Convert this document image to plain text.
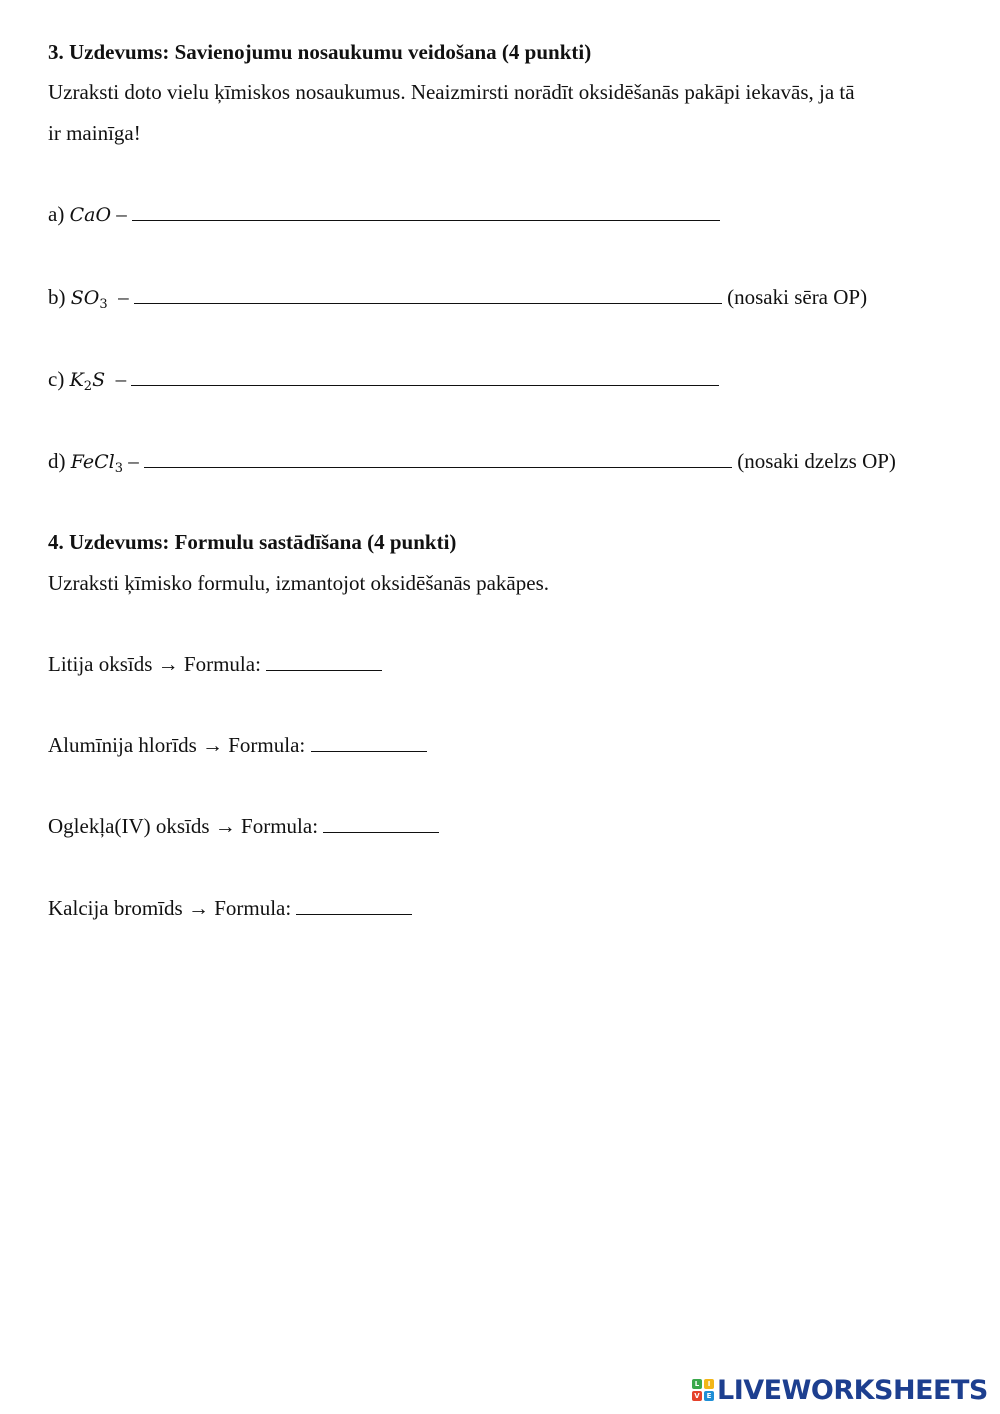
3. Uzdevums: Savienojumu nosaukumu veidošana (4 punkti)
Uzraksti doto vielu ķīmiskos nosaukumus. Neaizmirsti norādīt oksidēšanās pakāpi iekavās, ja tā
ir mainīga!
a) CaO –
b) $SO_3$ –	(nosaki sēra OP)
c) $K_2S$ –
d) FeCl$_3$ –	(nosaki dzelzs OP)
4. Uzdevums: Formulu sastādīšana (4 punkti)
Uzraksti ķīmisko formulu, izmantojot oksidēšanās pakāpes.
Litija oksīds → Formula:
Alumīnija hlorīds → Formula:
Oglekļa(IV) oksīds → Formula:
Kalcija bromīds → Formula:
L	I
V E LIVE WORKSHEETS
